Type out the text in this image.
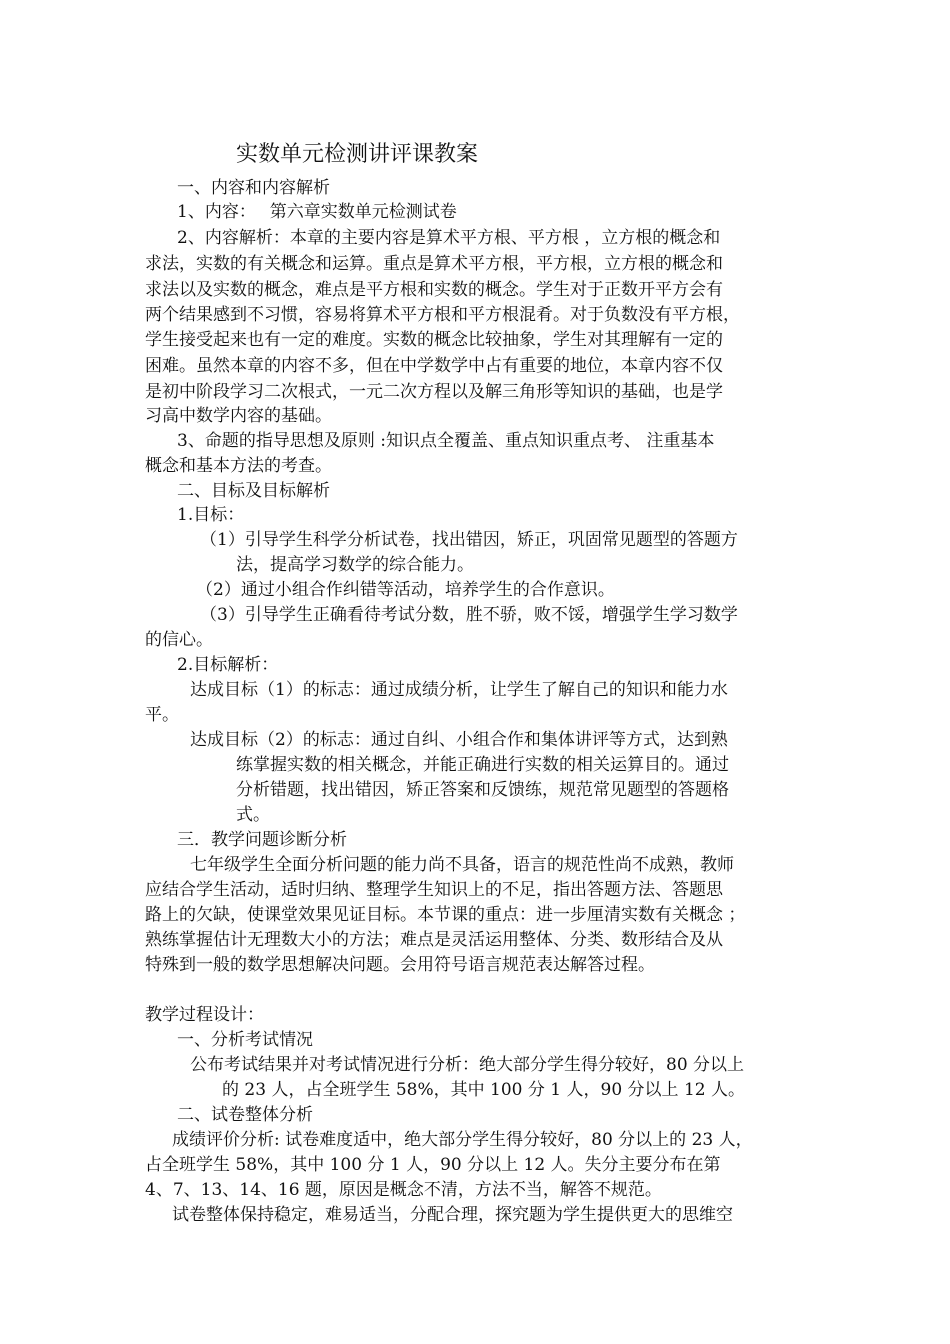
实数单元检测讲评课教案
一、内容和内容解析
1、内容：　 第六章实数单元检测试卷
2、内容解析：本章的主要内容是算术平方根、平方根 ，立方根的概念和
求法，实数的有关概念和运算。重点是算术平方根，平方根，立方根的概念和
求法以及实数的概念，难点是平方根和实数的概念。学生对于正数开平方会有
两个结果感到不习惯，容易将算术平方根和平方根混肴。对于负数没有平方根，
学生接受起来也有一定的难度。实数的概念比较抽象，学生对其理解有一定的
困难。虽然本章的内容不多，但在中学数学中占有重要的地位，本章内容不仅
是初中阶段学习二次根式，一元二次方程以及解三角形等知识的基础，也是学
习高中数学内容的基础。
3、命题的指导思想及原则 :知识点全覆盖、重点知识重点考、 注重基本
概念和基本方法的考查。
二、目标及目标解析
1.目标：
（1）引导学生科学分析试卷，找出错因，矫正，巩固常见题型的答题方
法，提高学习数学的综合能力。
（2）通过小组合作纠错等活动，培养学生的合作意识。
（3）引导学生正确看待考试分数，胜不骄，败不馁，增强学生学习数学
的信心。
2.目标解析：
达成目标（1）的标志：通过成绩分析，让学生了解自己的知识和能力水
平。
达成目标（2）的标志：通过自纠、小组合作和集体讲评等方式，达到熟
练掌握实数的相关概念，并能正确进行实数的相关运算目的。通过
分析错题，找出错因，矫正答案和反馈练，规范常见题型的答题格
式。
三．教学问题诊断分析
七年级学生全面分析问题的能力尚不具备，语言的规范性尚不成熟，教师
应结合学生活动，适时归纳、整理学生知识上的不足，指出答题方法、答题思
路上的欠缺，使课堂效果见证目标。本节课的重点：进一步厘清实数有关概念 ；
熟练掌握估计无理数大小的方法；难点是灵活运用整体、分类、数形结合及从
特殊到一般的数学思想解决问题。会用符号语言规范表达解答过程。
教学过程设计：
一、分析考试情况
公布考试结果并对考试情况进行分析：绝大部分学生得分较好，80 分以上
的 23 人，占全班学生 58%，其中 100 分 1 人，90 分以上 12 人。
二、试卷整体分析
成绩评价分析: 试卷难度适中，绝大部分学生得分较好，80 分以上的 23 人，
占全班学生 58%，其中 100 分 1 人，90 分以上 12 人。失分主要分布在第
4、7、13、14、16 题，原因是概念不清，方法不当，解答不规范。
试卷整体保持稳定，难易适当，分配合理，探究题为学生提供更大的思维空
